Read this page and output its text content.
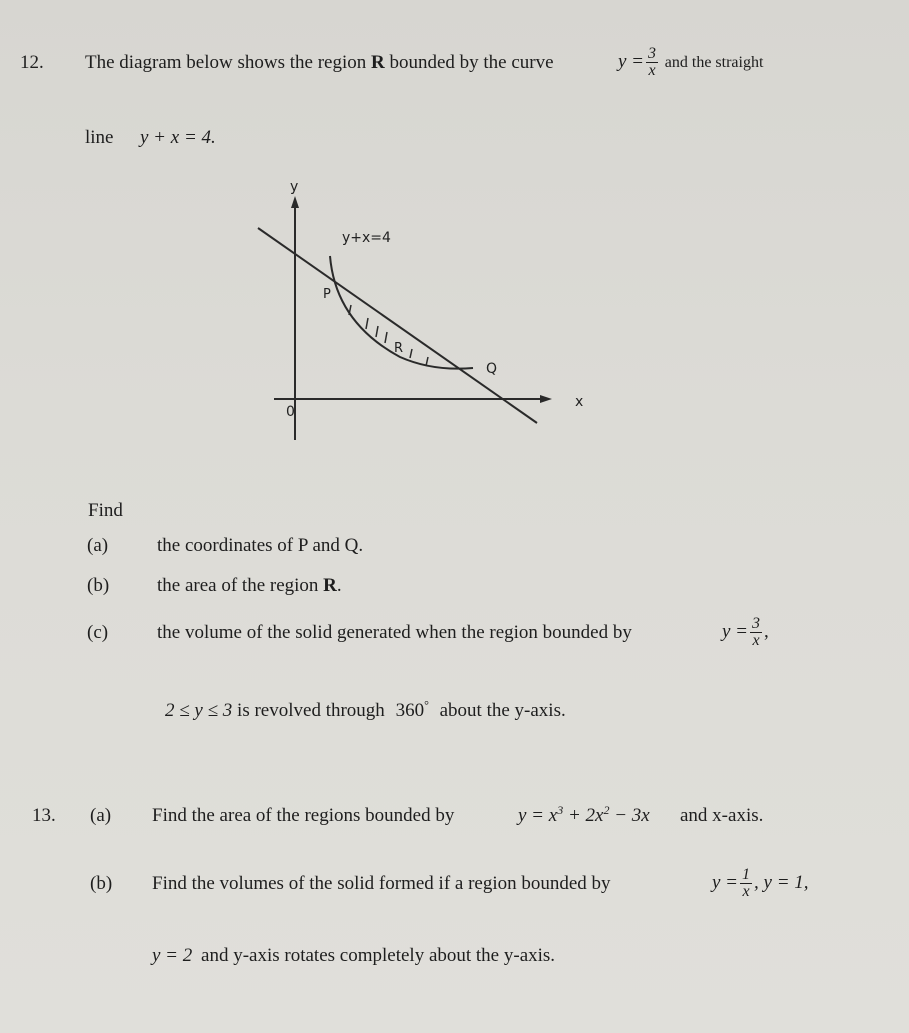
12. The diagram below shows the region R bounded by the curve	$y = \frac{3}{x}$ and the straight
line y + x = 4.
y
x
0
y+x=4
P
Q
R
Find
(a)	the coordinates of P and Q.
(b)	the area of the region R.
(c)	the volume of the solid generated when the region bounded by	$y = \frac{3}{x}$ ,
2 ≤ y ≤ 3 is revolved through 360° about the y-axis.
13. (a) Find the area of the regions bounded by	$y = x^3 + 2x^2 - 3x$ and x-axis.
(b) Find the volumes of the solid formed if a region bounded by	$y = \frac{1}{x}$ , y = 1,
y = 2 and y-axis rotates completely about the y-axis.
